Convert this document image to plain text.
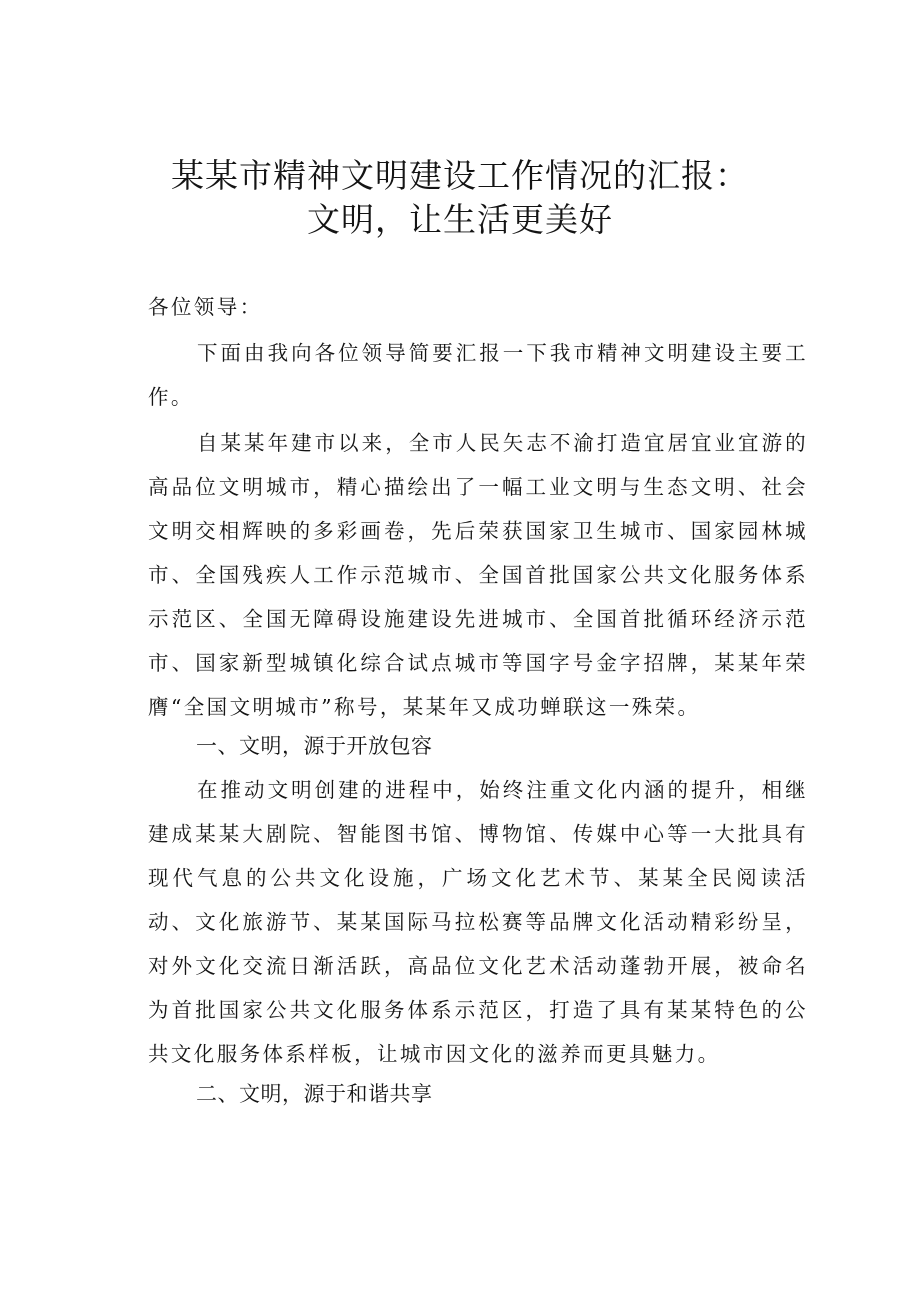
某某市精神文明建设工作情况的汇报：
文明，让生活更美好

各位领导：

下面由我向各位领导简要汇报一下我市精神文明建设主要工作。

自某某年建市以来，全市人民矢志不渝打造宜居宜业宜游的高品位文明城市，精心描绘出了一幅工业文明与生态文明、社会文明交相辉映的多彩画卷，先后荣获国家卫生城市、国家园林城市、全国残疾人工作示范城市、全国首批国家公共文化服务体系示范区、全国无障碍设施建设先进城市、全国首批循环经济示范市、国家新型城镇化综合试点城市等国字号金字招牌，某某年荣膺“全国文明城市”称号，某某年又成功蝉联这一殊荣。

一、文明，源于开放包容

在推动文明创建的进程中，始终注重文化内涵的提升，相继建成某某大剧院、智能图书馆、博物馆、传媒中心等一大批具有现代气息的公共文化设施，广场文化艺术节、某某全民阅读活动、文化旅游节、某某国际马拉松赛等品牌文化活动精彩纷呈，对外文化交流日渐活跃，高品位文化艺术活动蓬勃开展，被命名为首批国家公共文化服务体系示范区，打造了具有某某特色的公共文化服务体系样板，让城市因文化的滋养而更具魅力。

二、文明，源于和谐共享
